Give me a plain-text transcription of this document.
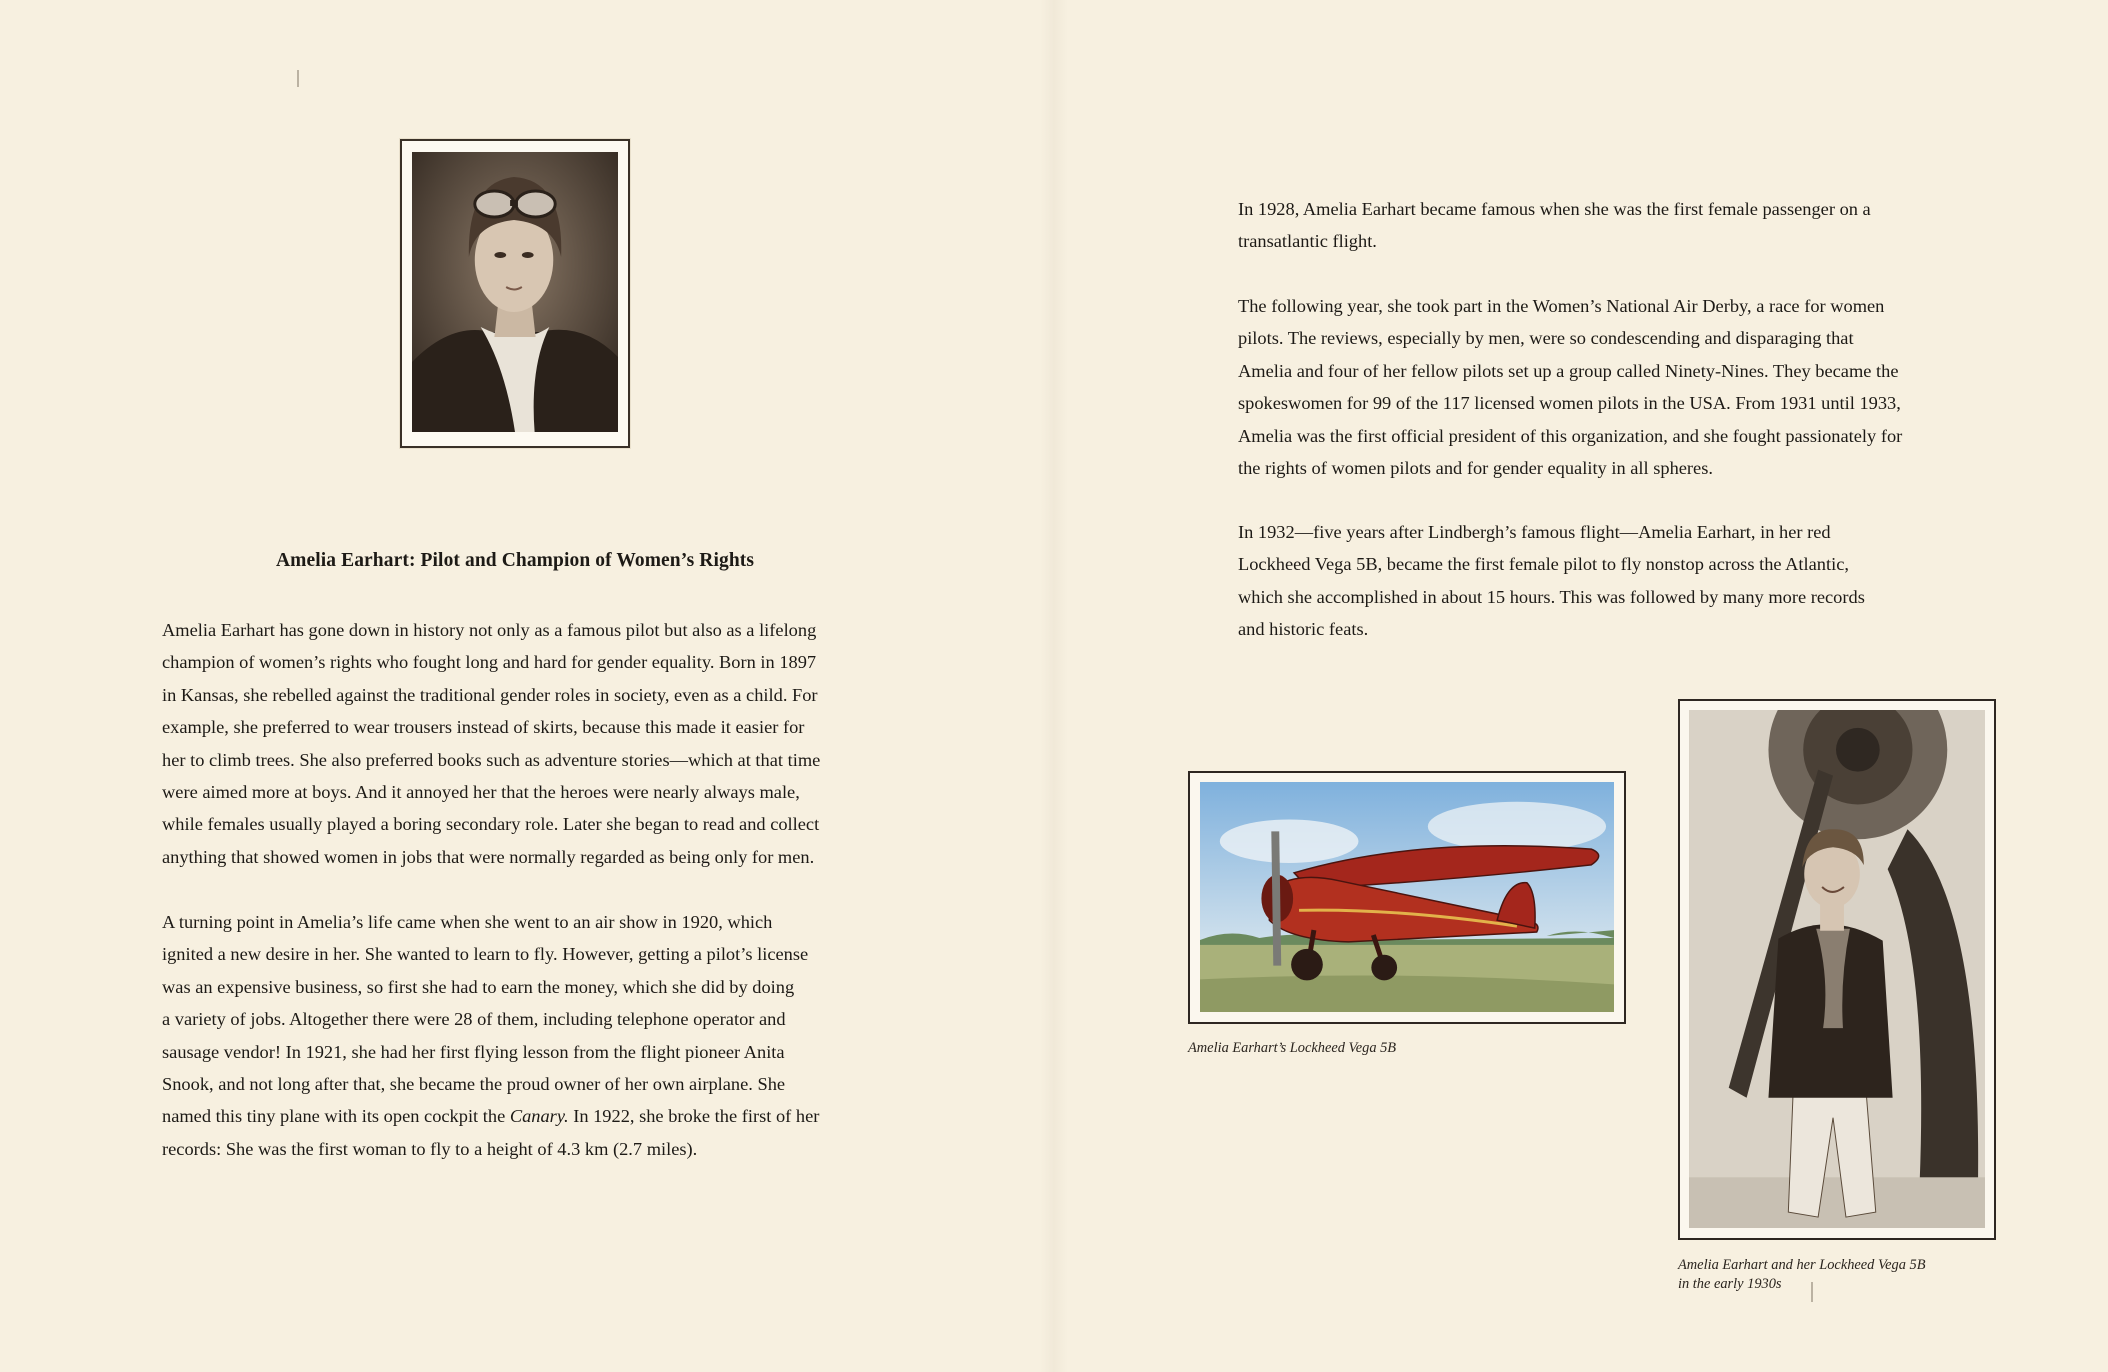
Amelia Earhart: Pilot and Champion of Women’s Rights

Amelia Earhart has gone down in history not only as a famous pilot but also as a lifelong
champion of women’s rights who fought long and hard for gender equality. Born in 1897
in Kansas, she rebelled against the traditional gender roles in society, even as a child. For
example, she preferred to wear trousers instead of skirts, because this made it easier for
her to climb trees. She also preferred books such as adventure stories—which at that time
were aimed more at boys. And it annoyed her that the heroes were nearly always male,
while females usually played a boring secondary role. Later she began to read and collect
anything that showed women in jobs that were normally regarded as being only for men.

A turning point in Amelia’s life came when she went to an air show in 1920, which
ignited a new desire in her. She wanted to learn to fly. However, getting a pilot’s license
was an expensive business, so first she had to earn the money, which she did by doing
a variety of jobs. Altogether there were 28 of them, including telephone operator and
sausage vendor! In 1921, she had her first flying lesson from the flight pioneer Anita
Snook, and not long after that, she became the proud owner of her own airplane. She
named this tiny plane with its open cockpit the Canary. In 1922, she broke the first of her
records: She was the first woman to fly to a height of 4.3 km (2.7 miles).

In 1928, Amelia Earhart became famous when she was the first female passenger on a
transatlantic flight.

The following year, she took part in the Women’s National Air Derby, a race for women
pilots. The reviews, especially by men, were so condescending and disparaging that
Amelia and four of her fellow pilots set up a group called Ninety-Nines. They became the
spokeswomen for 99 of the 117 licensed women pilots in the USA. From 1931 until 1933,
Amelia was the first official president of this organization, and she fought passionately for
the rights of women pilots and for gender equality in all spheres.

In 1932—five years after Lindbergh’s famous flight—Amelia Earhart, in her red
Lockheed Vega 5B, became the first female pilot to fly nonstop across the Atlantic,
which she accomplished in about 15 hours. This was followed by many more records
and historic feats.

Amelia Earhart’s Lockheed Vega 5B
Amelia Earhart and her Lockheed Vega 5B
in the early 1930s
